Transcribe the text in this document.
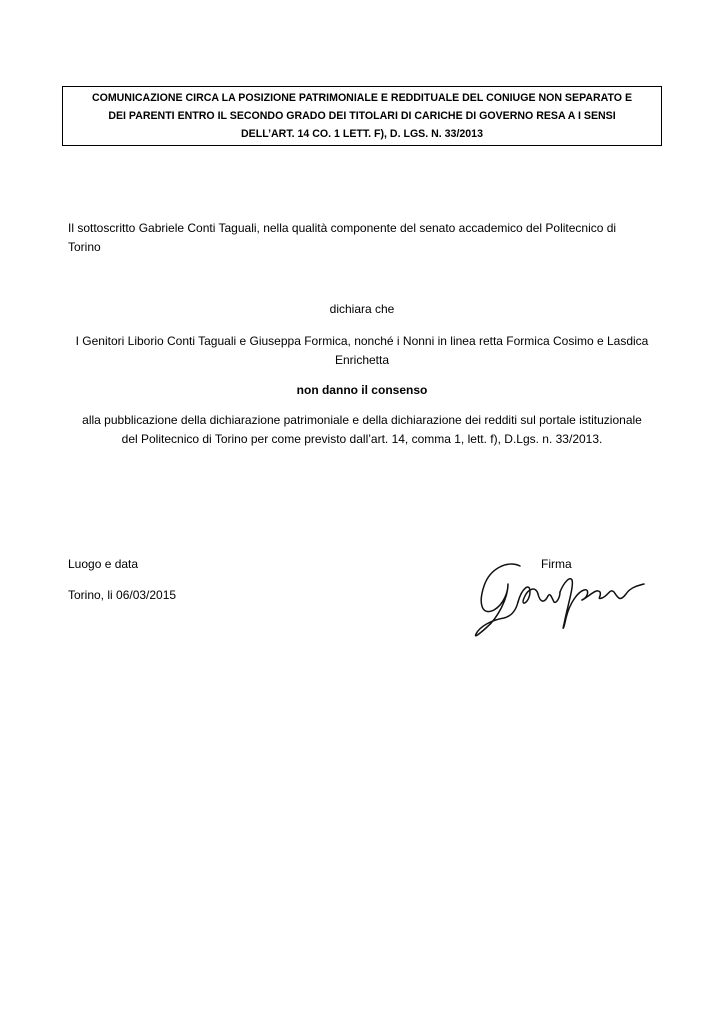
COMUNICAZIONE CIRCA LA POSIZIONE PATRIMONIALE E REDDITUALE DEL CONIUGE NON SEPARATO E
DEI PARENTI ENTRO IL SECONDO GRADO DEI TITOLARI DI CARICHE DI GOVERNO RESA A I SENSI
DELL’ART. 14 CO. 1 LETT. F), D. LGS. N. 33/2013
Il sottoscritto Gabriele Conti Taguali, nella qualità componente del senato accademico del Politecnico di Torino
dichiara che
I Genitori Liborio Conti Taguali e Giuseppa Formica, nonché i Nonni in linea retta Formica Cosimo e Lasdica
Enrichetta
non danno il consenso
alla pubblicazione della dichiarazione patrimoniale e della dichiarazione dei redditi sul portale istituzionale
del Politecnico di Torino per come previsto dall’art. 14, comma 1, lett. f), D.Lgs. n. 33/2013.
Luogo e data
Torino, li 06/03/2015
Firma
